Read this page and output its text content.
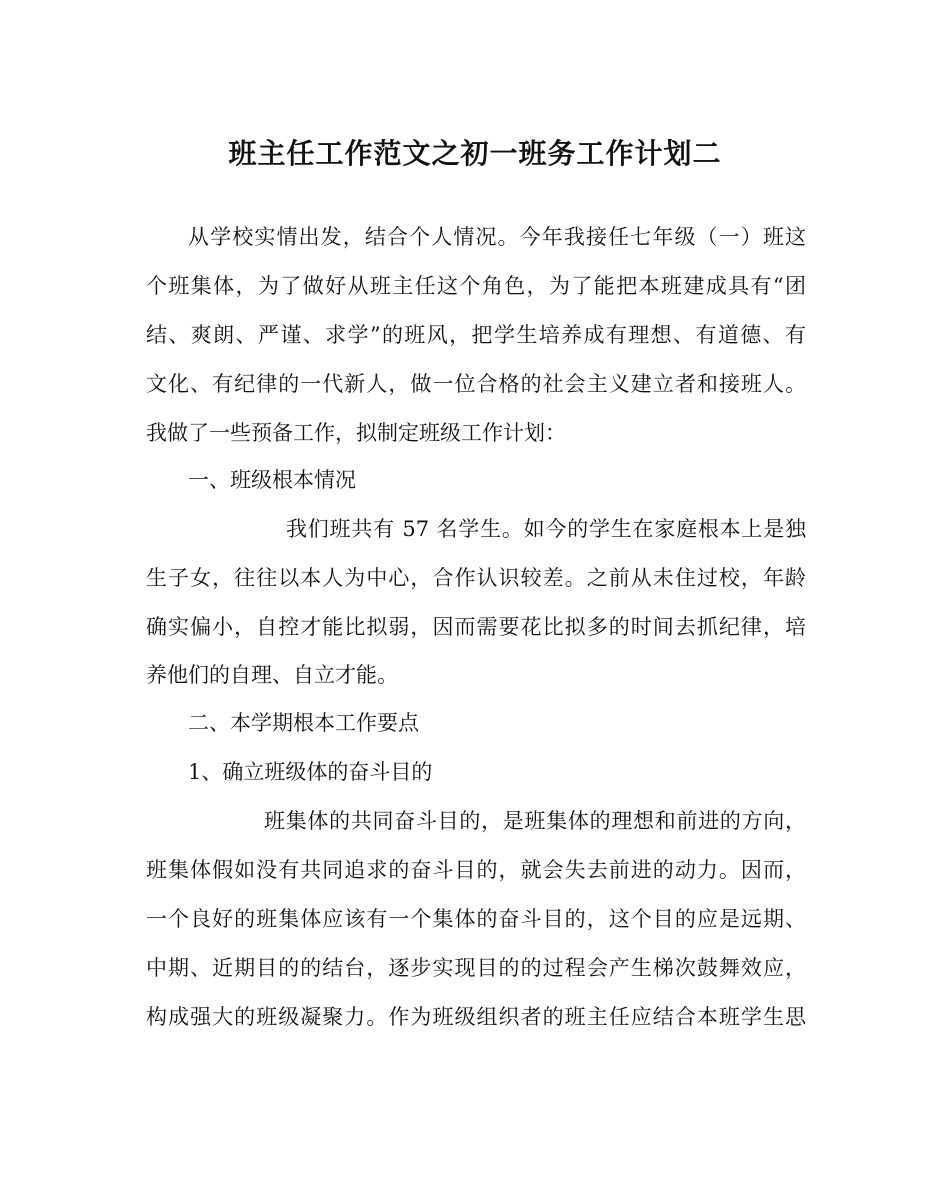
班主任工作范文之初一班务工作计划二
从学校实情出发，结合个人情况。今年我接任七年级（一）班这
个班集体，为了做好从班主任这个角色，为了能把本班建成具有“团
结、爽朗、严谨、求学”的班风，把学生培养成有理想、有道德、有
文化、有纪律的一代新人，做一位合格的社会主义建立者和接班人。
我做了一些预备工作，拟制定班级工作计划：
一、班级根本情况
我们班共有 57 名学生。如今的学生在家庭根本上是独
生子女，往往以本人为中心，合作认识较差。之前从未住过校，年龄
确实偏小，自控才能比拟弱，因而需要花比拟多的时间去抓纪律，培
养他们的自理、自立才能。
二、本学期根本工作要点
1、确立班级体的奋斗目的
班集体的共同奋斗目的，是班集体的理想和前进的方向，
班集体假如没有共同追求的奋斗目的，就会失去前进的动力。因而，
一个良好的班集体应该有一个集体的奋斗目的，这个目的应是远期、
中期、近期目的的结台，逐步实现目的的过程会产生梯次鼓舞效应，
构成强大的班级凝聚力。作为班级组织者的班主任应结合本班学生思
